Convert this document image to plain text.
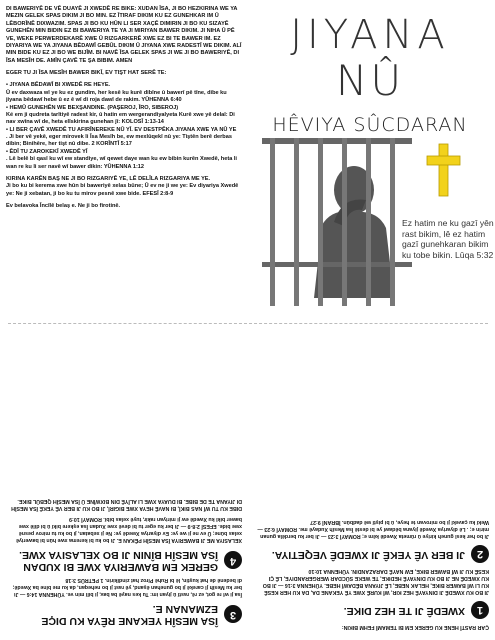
DI BAWERIYÊ DE VÊ DUAYÊ JI XWEDÊ RE BIKE: XUDAN ÎSA, JI BO HEZKIRINA WE YA MEZIN GELEK SPAS DIKIM JI BO MIN. EZ ÎTIRAF DIKIM KU EZ GUNEHKAR IM Û LÊBORÎNÊ DIXWAZIM. SPAS JI BO KU HÛN LI SER XAÇÊ DIMIRIN JI BO KU SIZAYÊ GUNEHÊN MIN BIDIN EZ BI BAWERIYA TE YA JI MIRIYAN BAWER DIKIM. JI NIHA Û PÊ VE, WEKE PERWERDEKARÊ XWE Û RIZGARKERÊ XWE EZ BI TE BAWER IM. EZ DIYARIYA WE YA JIYANA BÊDAWÎ GEBÛL DIKIM Û JIYANA XWE RADESTÎ WE DIKIM. ALÎ MIN BIDE KU EZ JI BO WE BIJÎM. BI NAVÊ ÎSA GELEK SPAS JI WE JI BO BAWERIYÊ, DI ÎSA MESÎH DE. AMÎN ÇAVÊ TE ŞA BIBIM. AMEN

EGER TU JI ÎSA MESÎH BAWER BIKÎ, EV TIŞT HAT SERÊ TE:

• JIYANA BÊDAWÎ BI XWEDÊ RE HEYE.
Û ev daxwaza wî ye ku ez gundim, her kesê ku kurê dibîne û bawerî pê tîne, dibe ku jiyana bêdawî hebe û ez ê wî di roja dawî de rakim. YÛHENNA 6:40
• HEMÛ GUNEHÊN WE BEXŞANDINE. (PAŞEROJ, ÎRO, SIBEROJ)
Ké em ji qudreta tarîtiyê radest kir, û hatin em wergerandiyalyeta Kurê xwe yê delal: Di nav xwîna wî de, heta elîskirina gunehan jî: KOLOSÎ 1:13-14
• LI BER ÇAVÊ XWEDÊ TU AFIRÎNEREKE NÛ YÎ. EV DESTPÊKA JIYANA XWE YA NÛ YE
. Ji ber vê yekê, eger mirovek li Îsa Mesîh be, ew mexlûqekî nû ye: Tiştên berê derbas dibin; Binihêre, her tişt nû dibe. 2 KORÎNTÎ 5:17
• ÊDÎ TU ZAROKEKÎ XWEDÊ YÎ
. Lê belê bi qasî ku wî ew standiye, wî qewet daye wan ku ew bibin kurên Xwedê, heta li wan re ku li ser navê wî bawer dikin: YÛHENNA 1:12
KIRINA KARÊN BAŞ NE JI BO RIZGARIYÊ YE, LÊ DELÎLA RIZGARIYA ME YE.
Ji bo ku bi kerema xwe hûn bi baweriyê xelas bûne; Û ev ne ji we ye: Ev diyariya Xwedê ye: Ne ji xebatan, ji bo ku tu mirov pesnê xwe bide. EFESÎ 2:8-9
Ev belavoka Încîlê belaş e. Ne ji bo firotinê.
JIYANA
NÛ
HÊVIYA SÛCDARAN
Ez hatim ne ku gazî yên rast bikim, lê ez hatim gazî gunehkaran bikim ku tobe bikin. Lûqa 5:32

ÇAR RASTÎ HENE KU GEREK EM BI TEMAMÎ FEHM BIKIN:

1
XWEDÊ JI TE HEZ DIKE.

JI BO KU XWEDÊ JI DINYAYÊ HEZ KIR, WÎ KURÊ XWE YÊ YEKANE DA, DA KU HER KESÊ KU LI WÎ BAWER BIKE, HELAK NEBE, LÊ JIYANA BÊDAWÎ HEBE. YÛHENNA 3:16 — JI BO KU XWEDÊ NE JI BO KU DINYAYÊ HEDIKE, TE WEKE SÛCDAR WERGERANDIYE, LÊ ÇI KESÊ KU JI WÎ BAWER BIKE, EW NAYÊ DARAZANDIN. YÛHENNA 10:10

2
JI BER VÊ YEKÊ JI XWEDÊ VEQETIYA.

Ji bo her kesî guneh kiriye û rûmeta Xwedê kêm e; ROMAYÎ 3:23 — Ji ber ku berdêla gunan mirin e; . Lê diyariya Xwedê jiyana bêdawî ye bi destê Îsa Mesîh Xudayê me. ROMAYÎ 6:23 — Wekî ku çavekî ji bo mirovan te heye, û bi piştî wê dadbûn. ÎBRANÎ 9:27

3
ÎSA MESÎH YEKANE RÊYA KU DIÇE EZMANAN E.

Îsa ji wî re got, ez rê, rastî û jiyan im: Tu kes nayê ba bav, ji bilî min ve. YÛHENNA 14:6 — Ji ber ku Mesîh jî carekê ji bo gunehan êşand, yê rast ji bo neheqan, da ku me bîne ba Xwedê; di bedenê de hat kuştin, lê bi Ruhê Pîroz hat zindîkirin. 1 PETRÛS 3:18

4
GEREK EM BAWERIYA XWE BI XUDAN ÎSA MESÎH BÎNIN JI BO XELASIYA XWE.

XELASIYA ME JI BAWERIYA ÎSA MESÎH PÊKAN E. Ji bo ku bi kerema xwe hûn bi baweriyê xelas bûne; Û ev ne ji we ye: Ev diyariya Xwedê ye: Ne ji xebatan, ji bo ku tu mirov pesnê xwe bide. EFESÎ 2:8-9 — Ji ber ku eger tu bi devê xwe Xudan Îsa eşkere bikî û bi dilê xwe bawer bikî ku Xwedê ew ji miriyan rakir, tuyê xelas bibî. ROMAYÎ 10:9

DIBE KU TU WÎ NAS BIKÎ, BI NAVÊ HEYA XWE BIGIRÎ, JI BO KU JI BER VÊ YEKÊ ÎSA MESÎH DI JIYANA TE DE BIBE. BI DUAYA XWE LI ALÎYÊ DIN BIXWÎNE Û ÎSA MESÎH QEBÛL BIKE.
